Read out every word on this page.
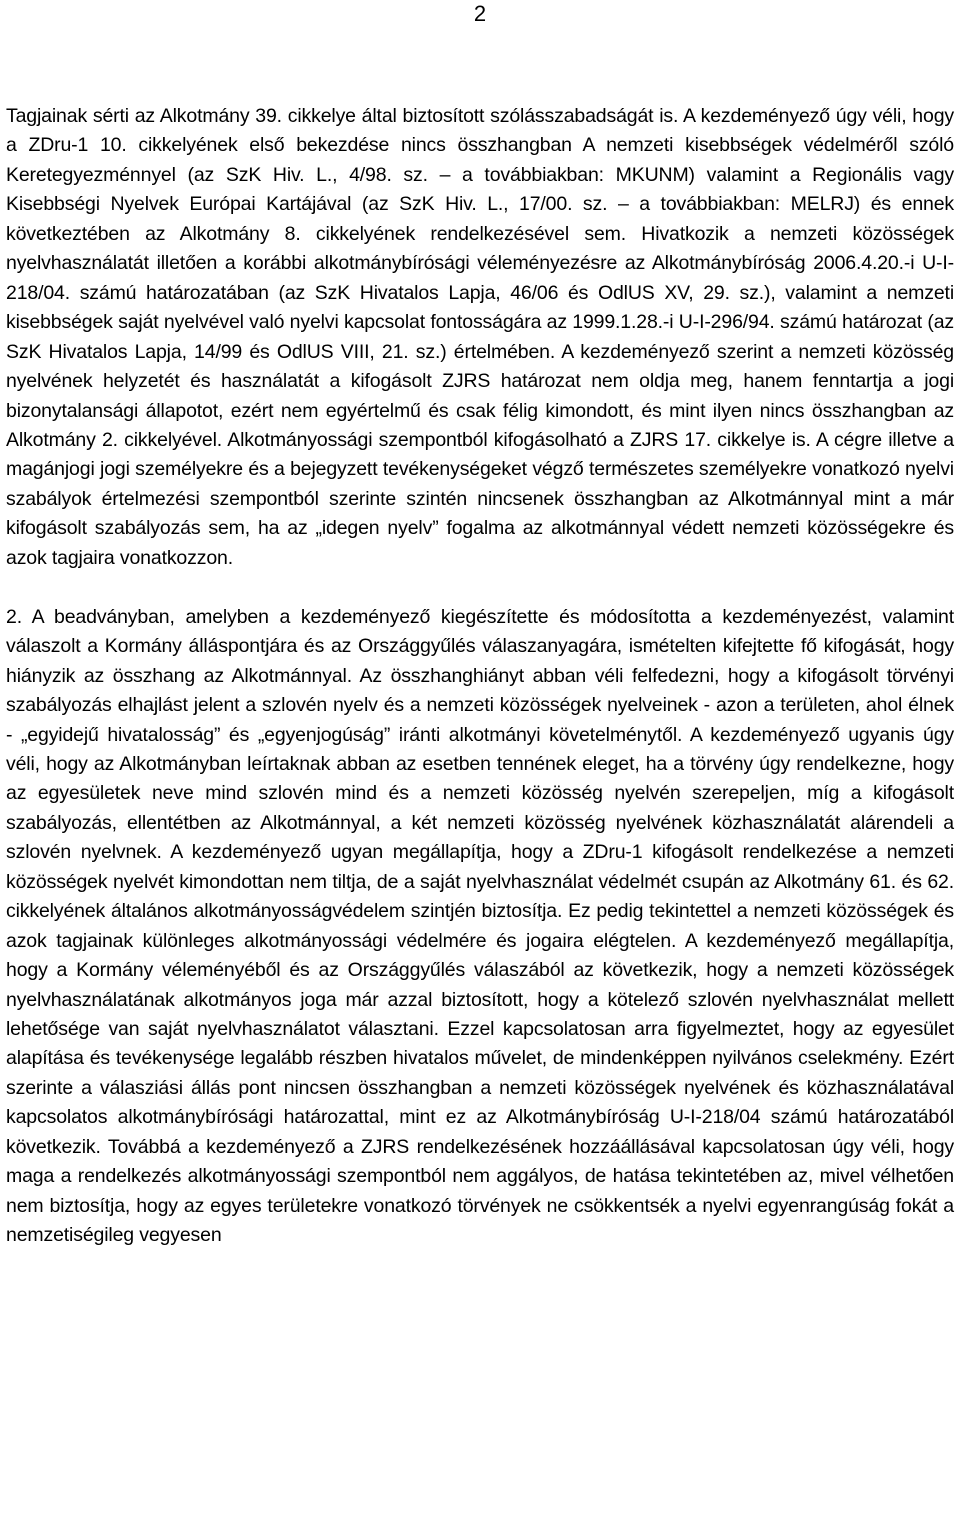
2

Tagjainak sérti az Alkotmány 39. cikkelye által biztosított szólásszabadságát is. A kezdeményező úgy véli, hogy a ZDru-1 10. cikkelyének első bekezdése nincs összhangban A nemzeti kisebbségek védelméről szóló Keretegyezménnyel (az SzK Hiv. L., 4/98. sz. – a továbbiakban: MKUNM) valamint a Regionális vagy Kisebbségi Nyelvek Európai Kartájával (az SzK Hiv. L., 17/00. sz. – a továbbiakban: MELRJ) és ennek következtében az Alkotmány 8. cikkelyének rendelkezésével sem. Hivatkozik a nemzeti közösségek nyelvhasználatát illetően a korábbi alkotmánybírósági véleményezésre az Alkotmánybíróság 2006.4.20.-i U-I-218/04. számú határozatában (az SzK Hivatalos Lapja, 46/06 és OdlUS XV, 29. sz.), valamint a nemzeti kisebbségek saját nyelvével való nyelvi kapcsolat fontosságára az 1999.1.28.-i U-I-296/94. számú határozat (az SzK Hivatalos Lapja, 14/99 és OdlUS VIII, 21. sz.) értelmében. A kezdeményező szerint a nemzeti közösség nyelvének helyzetét és használatát a kifogásolt ZJRS határozat nem oldja meg, hanem fenntartja a jogi bizonytalansági állapotot, ezért nem egyértelmű és csak félig kimondott, és mint ilyen nincs összhangban az Alkotmány 2. cikkelyével. Alkotmányossági szempontból kifogásolható a ZJRS 17. cikkelye is. A cégre illetve a magánjogi jogi személyekre és a bejegyzett tevékenységeket végző természetes személyekre vonatkozó nyelvi szabályok értelmezési szempontból szerinte szintén nincsenek összhangban az Alkotmánnyal mint a már kifogásolt szabályozás sem, ha az „idegen nyelv” fogalma az alkotmánnyal védett nemzeti közösségekre és azok tagjaira vonatkozzon.

2. A beadványban, amelyben a kezdeményező kiegészítette és módosította a kezdeményezést, valamint válaszolt a Kormány álláspontjára és az Országgyűlés válaszanyagára, ismételten kifejtette fő kifogását, hogy hiányzik az összhang az Alkotmánnyal. Az összhanghiányt abban véli felfedezni, hogy a kifogásolt törvényi szabályozás elhajlást jelent a szlovén nyelv és a nemzeti közösségek nyelveinek - azon a területen, ahol élnek - „egyidejű hivatalosság” és „egyenjogúság” iránti alkotmányi követelménytől. A kezdeményező ugyanis úgy véli, hogy az Alkotmányban leírtaknak abban az esetben tennének eleget, ha a törvény úgy rendelkezne, hogy az egyesületek neve mind szlovén mind és a nemzeti közösség nyelvén szerepeljen, míg a kifogásolt szabályozás, ellentétben az Alkotmánnyal, a két nemzeti közösség nyelvének közhasználatát alárendeli a szlovén nyelvnek. A kezdeményező ugyan megállapítja, hogy a ZDru-1 kifogásolt rendelkezése a nemzeti közösségek nyelvét kimondottan nem tiltja, de a saját nyelvhasználat védelmét csupán az Alkotmány 61. és 62. cikkelyének általános alkotmányosságvédelem szintjén biztosítja. Ez pedig tekintettel a nemzeti közösségek és azok tagjainak különleges alkotmányossági védelmére és jogaira elégtelen. A kezdeményező megállapítja, hogy a Kormány véleményéből és az Országgyűlés válaszából az következik, hogy a nemzeti közösségek nyelvhasználatának alkotmányos joga már azzal biztosított, hogy a kötelező szlovén nyelvhasználat mellett lehetősége van saját nyelvhasználatot választani. Ezzel kapcsolatosan arra figyelmeztet, hogy az egyesület alapítása és tevékenysége legalább részben hivatalos művelet, de mindenképpen nyilvános cselekmény. Ezért szerinte a válasziási állás pont nincsen összhangban a nemzeti közösségek nyelvének és közhasználatával kapcsolatos alkotmánybírósági határozattal, mint ez az Alkotmánybíróság U-I-218/04 számú határozatából következik. Továbbá a kezdeményező a ZJRS rendelkezésének hozzáállásával kapcsolatosan úgy véli, hogy maga a rendelkezés alkotmányossági szempontból nem aggályos, de hatása tekintetében az, mivel vélhetően nem biztosítja, hogy az egyes területekre vonatkozó törvények ne csökkentsék a nyelvi egyenrangúság fokát a nemzetiségileg vegyesen
